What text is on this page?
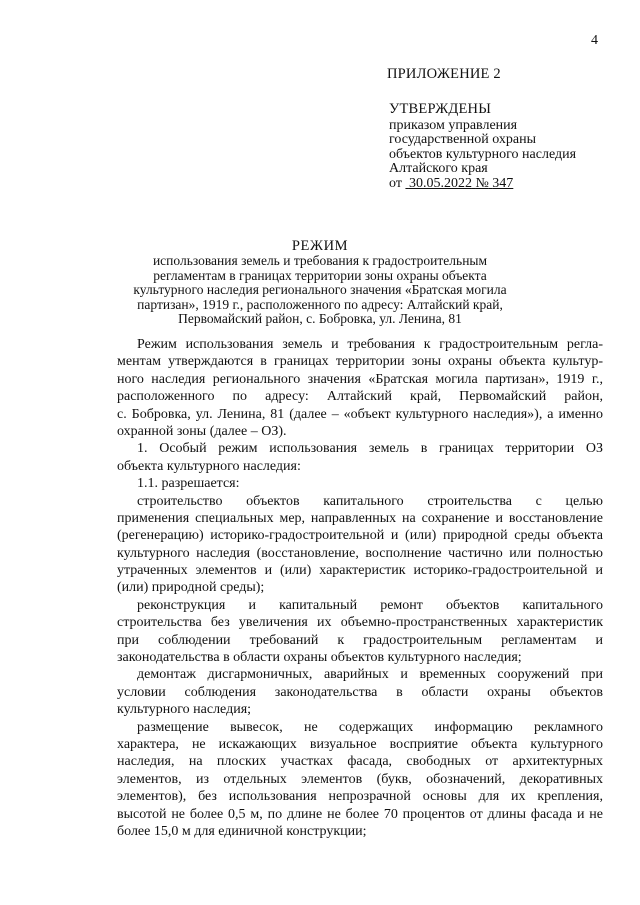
4
ПРИЛОЖЕНИЕ 2
УТВЕРЖДЕНЫ
приказом управления
государственной охраны
объектов культурного наследия
Алтайского края
от 30.05.2022 № 347
РЕЖИМ
использования земель и требования к градостроительным
регламентам в границах территории зоны охраны объекта
культурного наследия регионального значения «Братская могила
партизан», 1919 г., расположенного по адресу: Алтайский край,
Первомайский район, с. Бобровка, ул. Ленина, 81
Режим использования земель и требования к градостроительным регла-
ментам утверждаются в границах территории зоны охраны объекта культур-
ного наследия регионального значения «Братская могила партизан», 1919 г.,
расположенного по адресу: Алтайский край, Первомайский район,
с. Бобровка, ул. Ленина, 81 (далее – «объект культурного наследия»), а именно
охранной зоны (далее – ОЗ).
1. Особый режим использования земель в границах территории ОЗ
объекта культурного наследия:
1.1. разрешается:
строительство объектов капитального строительства с целью
применения специальных мер, направленных на сохранение и восстановление
(регенерацию) историко-градостроительной и (или) природной среды объекта
культурного наследия (восстановление, восполнение частично или полностью
утраченных элементов и (или) характеристик историко-градостроительной и
(или) природной среды);
реконструкция и капитальный ремонт объектов капитального
строительства без увеличения их объемно-пространственных характеристик
при соблюдении требований к градостроительным регламентам и
законодательства в области охраны объектов культурного наследия;
демонтаж дисгармоничных, аварийных и временных сооружений при
условии соблюдения законодательства в области охраны объектов
культурного наследия;
размещение вывесок, не содержащих информацию рекламного
характера, не искажающих визуальное восприятие объекта культурного
наследия, на плоских участках фасада, свободных от архитектурных
элементов, из отдельных элементов (букв, обозначений, декоративных
элементов), без использования непрозрачной основы для их крепления,
высотой не более 0,5 м, по длине не более 70 процентов от длины фасада и не
более 15,0 м для единичной конструкции;
